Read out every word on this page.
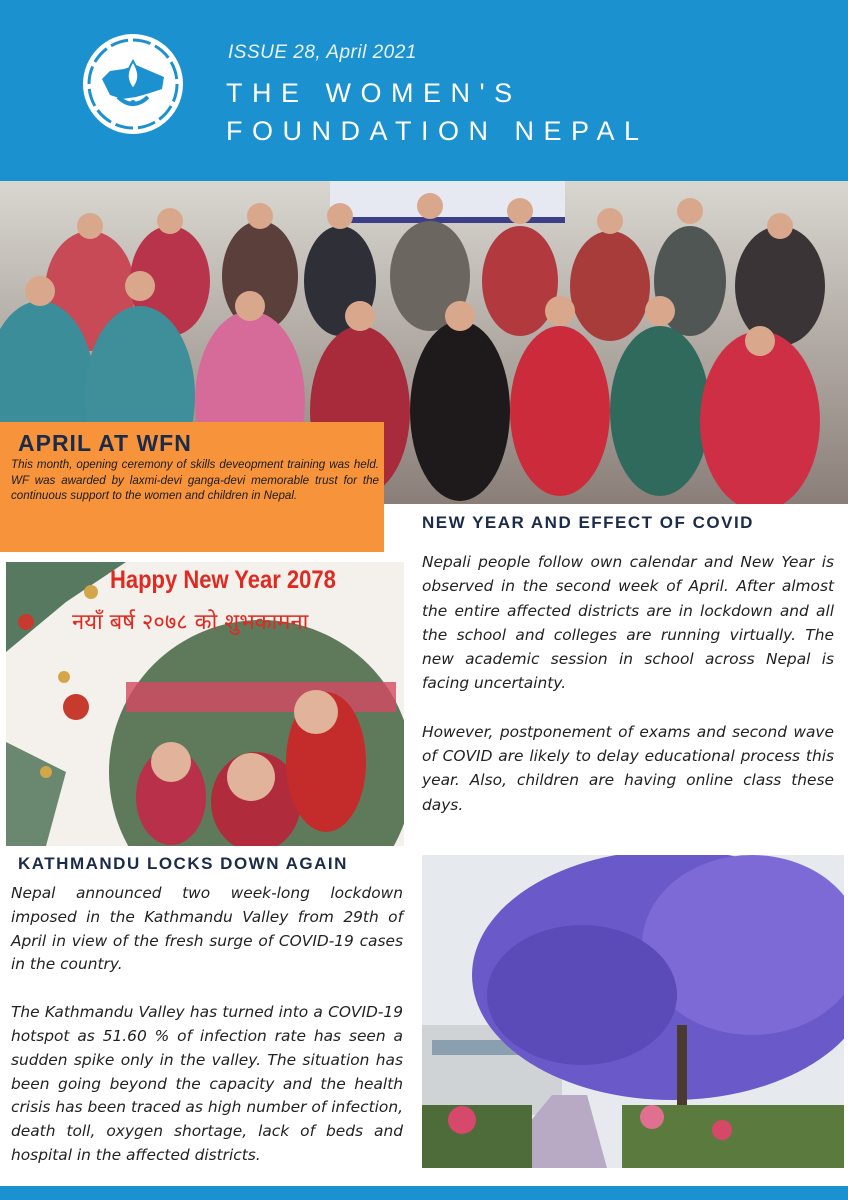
ISSUE 28, April 2021
THE WOMEN'S
FOUNDATION NEPAL
APRIL AT WFN
This month, opening ceremony of skills deveopment training was held. WF was awarded by laxmi-devi ganga-devi memorable trust for the continuous support to the women and children in Nepal.
NEW YEAR AND EFFECT OF COVID

Nepali people follow own calendar and New Year is observed in the second week of April. After almost the entire affected districts are in lockdown and all the school and colleges are running virtually. The new academic session in school across Nepal is facing uncertainty.

However, postponement of exams and second wave of COVID are likely to delay educational process this year. Also, children are having online class these days.

Happy New Year 2078
नयाँ बर्ष २०७८ को शुभकामना
KATHMANDU LOCKS DOWN AGAIN

Nepal announced two week-long lockdown imposed in the Kathmandu Valley from 29th of April in view of the fresh surge of COVID-19 cases in the country.

The Kathmandu Valley has turned into a COVID-19 hotspot as 51.60 % of infection rate has seen a sudden spike only in the valley. The situation has been going beyond the capacity and the health crisis has been traced as high number of infection, death toll, oxygen shortage, lack of beds and hospital in the affected districts.
